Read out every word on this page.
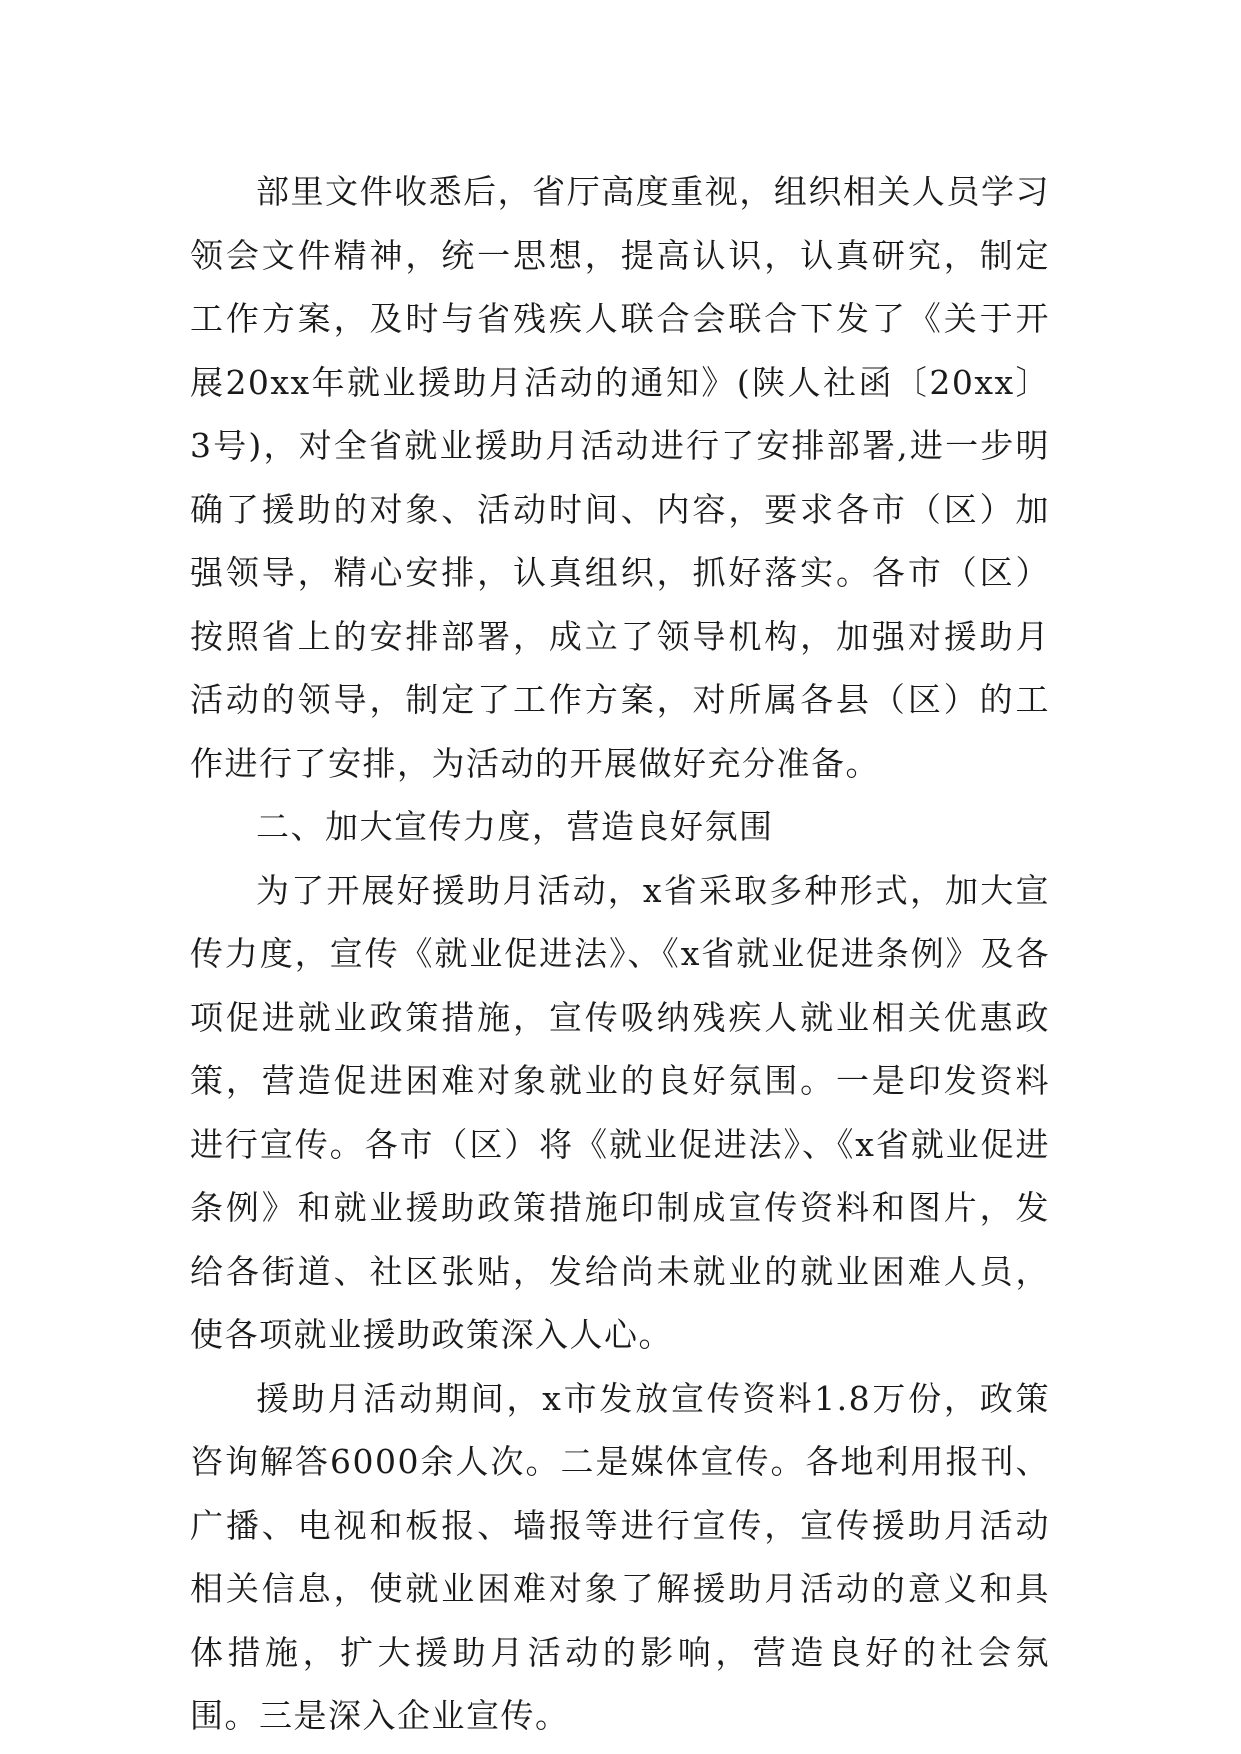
部里文件收悉后，省厅高度重视，组织相关人员学习领会文件精神，统一思想，提高认识，认真研究，制定工作方案，及时与省残疾人联合会联合下发了《关于开展20xx年就业援助月活动的通知》(陕人社函〔20xx〕3号)，对全省就业援助月活动进行了安排部署,进一步明确了援助的对象、活动时间、内容，要求各市（区）加强领导，精心安排，认真组织，抓好落实。各市（区）按照省上的安排部署，成立了领导机构，加强对援助月活动的领导，制定了工作方案，对所属各县（区）的工作进行了安排，为活动的开展做好充分准备。

二、加大宣传力度，营造良好氛围

为了开展好援助月活动，x省采取多种形式，加大宣传力度，宣传《就业促进法》、《x省就业促进条例》及各项促进就业政策措施，宣传吸纳残疾人就业相关优惠政策，营造促进困难对象就业的良好氛围。一是印发资料进行宣传。各市（区）将《就业促进法》、《x省就业促进条例》和就业援助政策措施印制成宣传资料和图片，发给各街道、社区张贴，发给尚未就业的就业困难人员，使各项就业援助政策深入人心。

援助月活动期间，x市发放宣传资料1.8万份，政策咨询解答6000余人次。二是媒体宣传。各地利用报刊、广播、电视和板报、墙报等进行宣传，宣传援助月活动相关信息，使就业困难对象了解援助月活动的意义和具体措施，扩大援助月活动的影响，营造良好的社会氛围。三是深入企业宣传。
